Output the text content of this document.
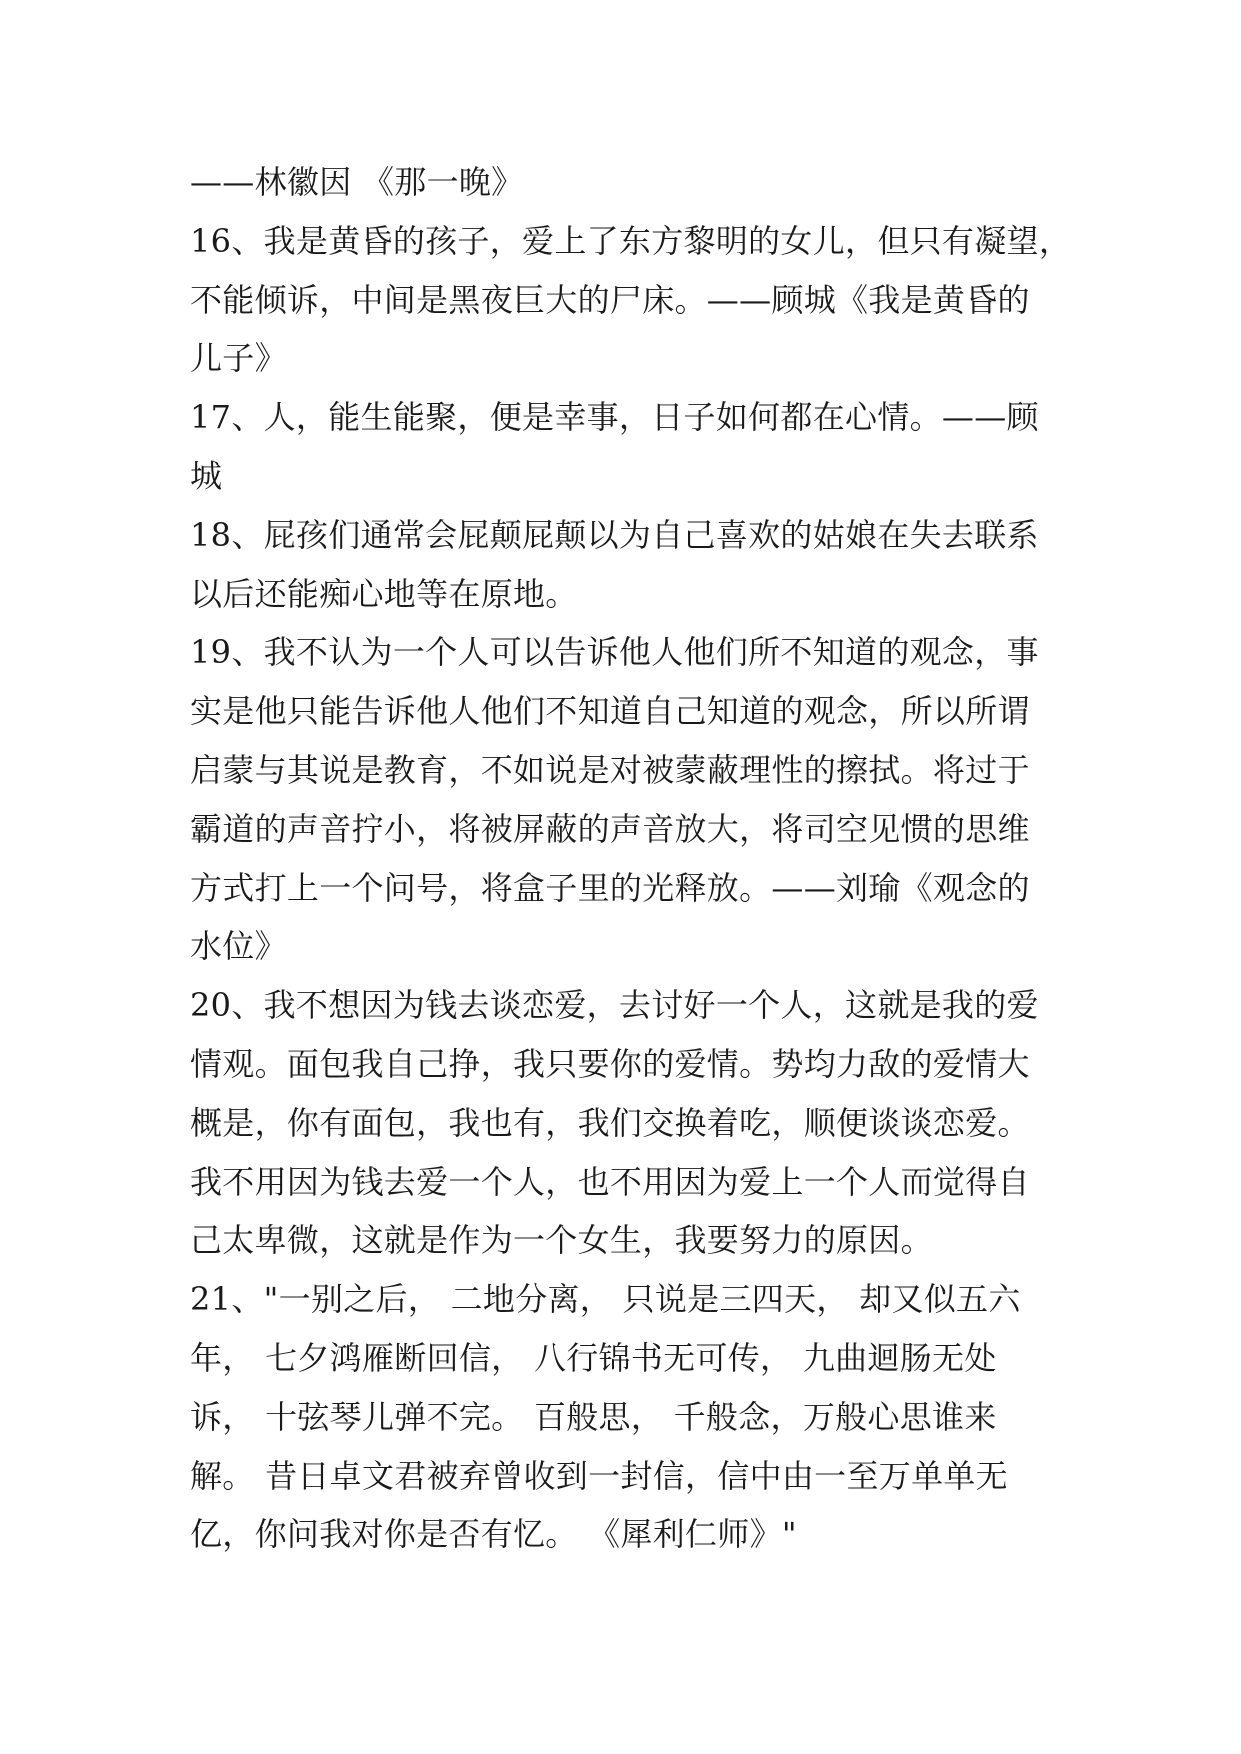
——林徽因 《那一晚》
16、我是黄昏的孩子，爱上了东方黎明的女儿，但只有凝望，
不能倾诉，中间是黑夜巨大的尸床。——顾城《我是黄昏的
儿子》
17、人，能生能聚，便是幸事，日子如何都在心情。——顾
城
18、屁孩们通常会屁颠屁颠以为自己喜欢的姑娘在失去联系
以后还能痴心地等在原地。
19、我不认为一个人可以告诉他人他们所不知道的观念，事
实是他只能告诉他人他们不知道自己知道的观念，所以所谓
启蒙与其说是教育，不如说是对被蒙蔽理性的擦拭。将过于
霸道的声音拧小，将被屏蔽的声音放大，将司空见惯的思维
方式打上一个问号，将盒子里的光释放。——刘瑜《观念的
水位》
20、我不想因为钱去谈恋爱，去讨好一个人，这就是我的爱
情观。面包我自己挣，我只要你的爱情。势均力敌的爱情大
概是，你有面包，我也有，我们交换着吃，顺便谈谈恋爱。
我不用因为钱去爱一个人，也不用因为爱上一个人而觉得自
己太卑微，这就是作为一个女生，我要努力的原因。
21、"一别之后， 二地分离， 只说是三四天， 却又似五六
年， 七夕鸿雁断回信， 八行锦书无可传， 九曲迴肠无处
诉， 十弦琴儿弹不完。 百般思， 千般念，万般心思谁来
解。 昔日卓文君被弃曾收到一封信，信中由一至万单单无
亿，你问我对你是否有忆。 《犀利仁师》"
